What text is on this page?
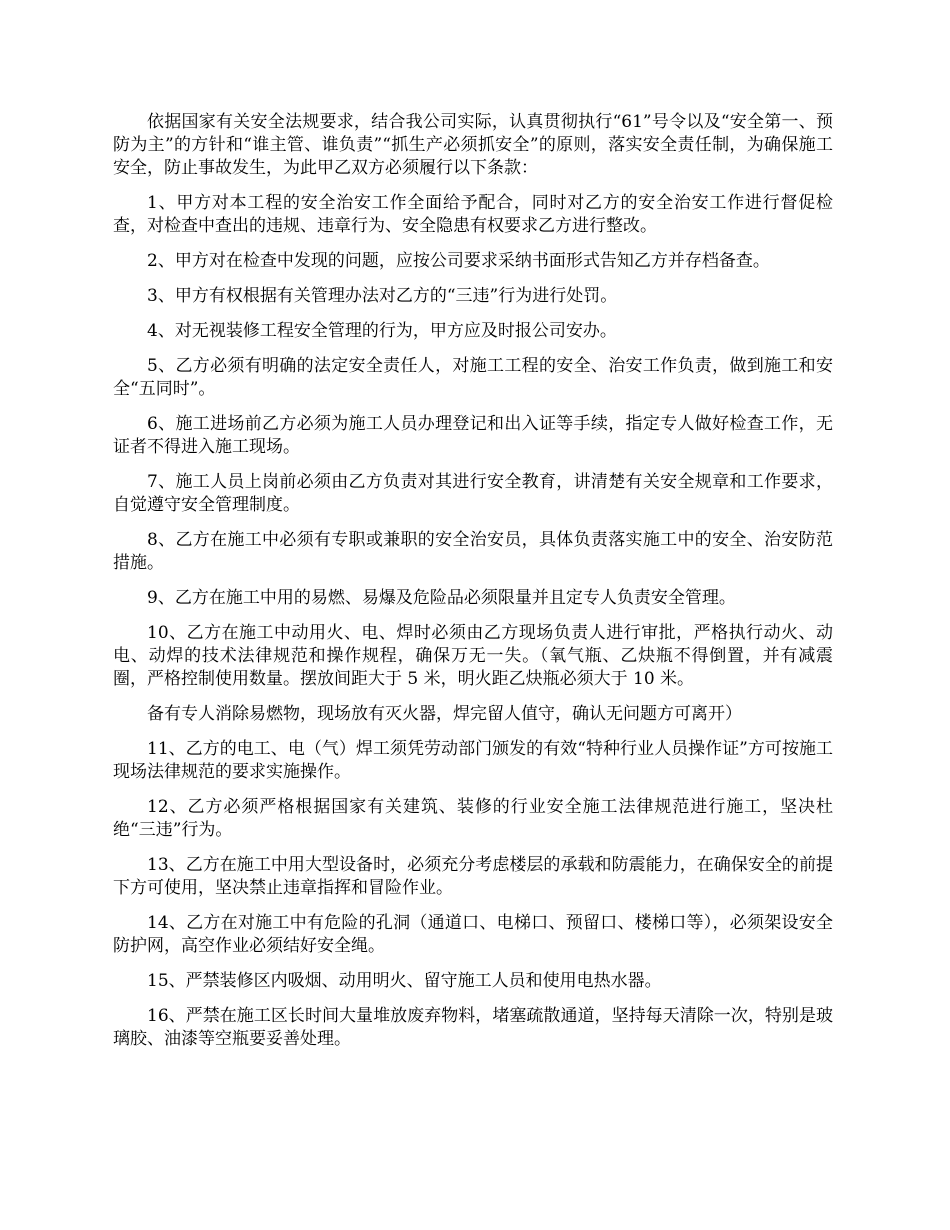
依据国家有关安全法规要求，结合我公司实际，认真贯彻执行“61”号令以及“安全第一、预防为主”的方针和“谁主管、谁负责”“抓生产必须抓安全”的原则，落实安全责任制，为确保施工安全，防止事故发生，为此甲乙双方必须履行以下条款：

1、甲方对本工程的安全治安工作全面给予配合，同时对乙方的安全治安工作进行督促检查，对检查中查出的违规、违章行为、安全隐患有权要求乙方进行整改。

2、甲方对在检查中发现的问题，应按公司要求采纳书面形式告知乙方并存档备查。

3、甲方有权根据有关管理办法对乙方的“三违”行为进行处罚。

4、对无视装修工程安全管理的行为，甲方应及时报公司安办。

5、乙方必须有明确的法定安全责任人，对施工工程的安全、治安工作负责，做到施工和安全“五同时”。

6、施工进场前乙方必须为施工人员办理登记和出入证等手续，指定专人做好检查工作，无证者不得进入施工现场。

7、施工人员上岗前必须由乙方负责对其进行安全教育，讲清楚有关安全规章和工作要求，自觉遵守安全管理制度。

8、乙方在施工中必须有专职或兼职的安全治安员，具体负责落实施工中的安全、治安防范措施。

9、乙方在施工中用的易燃、易爆及危险品必须限量并且定专人负责安全管理。

10、乙方在施工中动用火、电、焊时必须由乙方现场负责人进行审批，严格执行动火、动电、动焊的技术法律规范和操作规程，确保万无一失。（氧气瓶、乙炔瓶不得倒置，并有减震圈，严格控制使用数量。摆放间距大于 5 米，明火距乙炔瓶必须大于 10 米。

备有专人消除易燃物，现场放有灭火器，焊完留人值守，确认无问题方可离开）

11、乙方的电工、电（气）焊工须凭劳动部门颁发的有效“特种行业人员操作证”方可按施工现场法律规范的要求实施操作。

12、乙方必须严格根据国家有关建筑、装修的行业安全施工法律规范进行施工，坚决杜绝“三违”行为。

13、乙方在施工中用大型设备时，必须充分考虑楼层的承载和防震能力，在确保安全的前提下方可使用，坚决禁止违章指挥和冒险作业。

14、乙方在对施工中有危险的孔洞（通道口、电梯口、预留口、楼梯口等），必须架设安全防护网，高空作业必须结好安全绳。

15、严禁装修区内吸烟、动用明火、留守施工人员和使用电热水器。

16、严禁在施工区长时间大量堆放废弃物料，堵塞疏散通道，坚持每天清除一次，特别是玻璃胶、油漆等空瓶要妥善处理。
